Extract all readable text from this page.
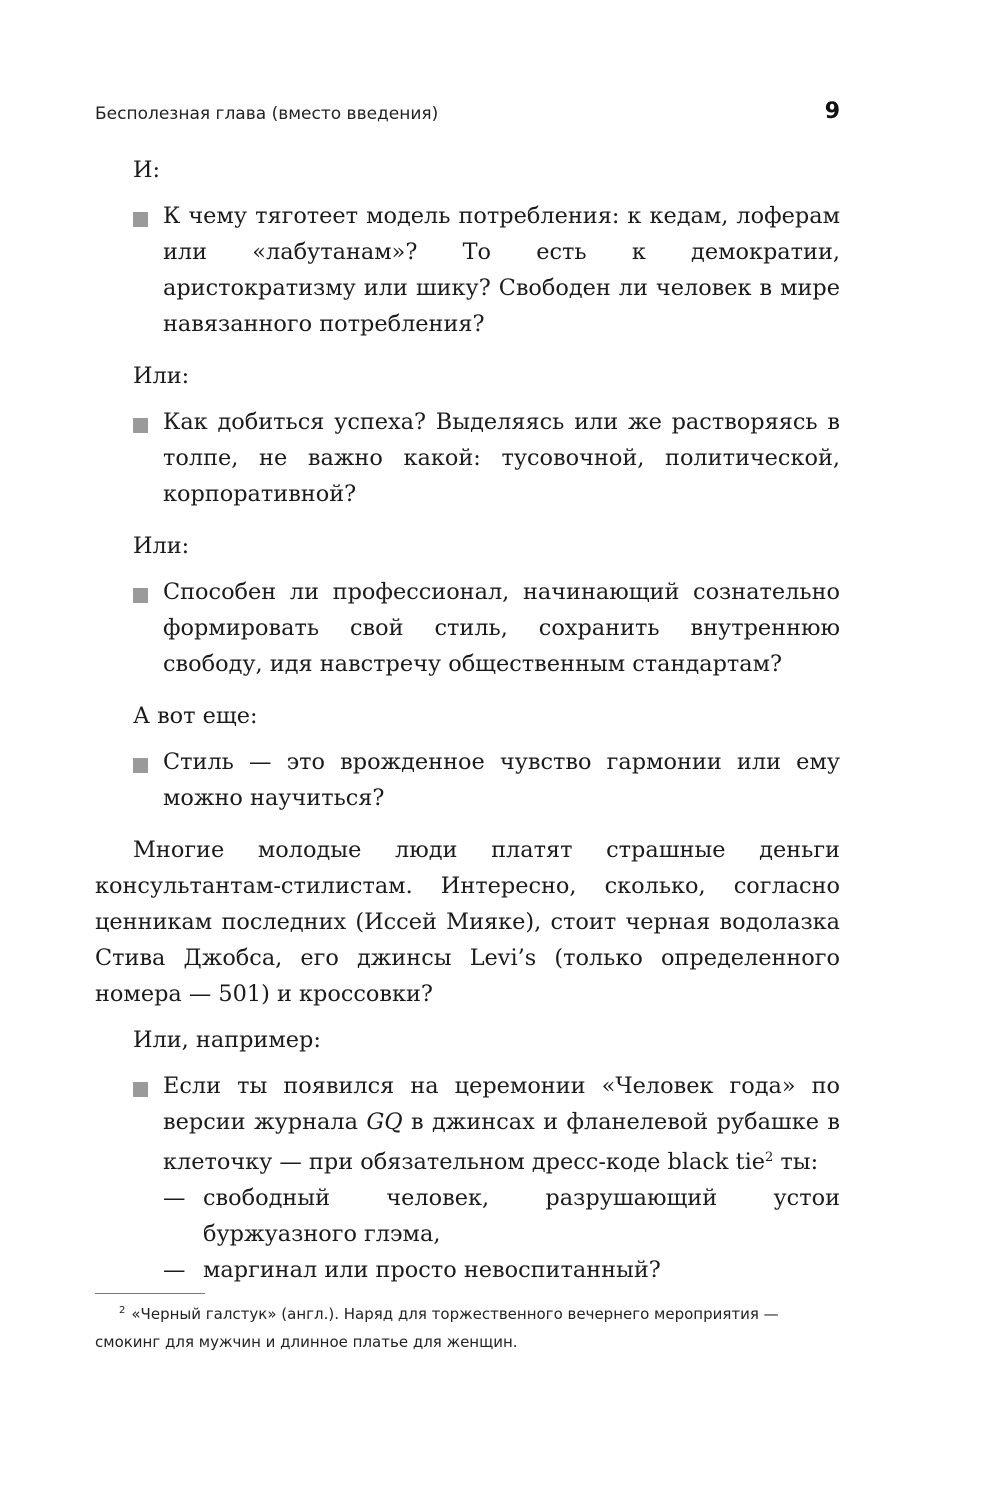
Бесполезная глава (вместо введения)	9

И:

К чему тяготеет модель потребления: к кедам, лоферам или «лабутанам»? То есть к демократии, аристократизму или шику? Свободен ли человек в мире навязанного потребления?

Или:

Как добиться успеха? Выделяясь или же растворяясь в толпе, не важно какой: тусовочной, политической, корпоративной?

Или:

Способен ли профессионал, начинающий сознательно формировать свой стиль, сохранить внутреннюю свободу, идя навстречу общественным стандартам?

А вот еще:

Стиль — это врожденное чувство гармонии или ему можно научиться?

Многие молодые люди платят страшные деньги консультантам-стилистам. Интересно, сколько, согласно ценникам последних (Иссей Мияке), стоит черная водолазка Стива Джобса, его джинсы Levi’s (только определенного номера — 501) и кроссовки?

Или, например:

Если ты появился на церемонии «Человек года» по версии журнала GQ в джинсах и фланелевой рубашке в клеточку — при обязательном дресс-коде black tie$^2$ ты:
— свободный человек, разрушающий устои буржуазного глэма,
— маргинал или просто невоспитанный?

$^2$ «Черный галстук» (англ.). Наряд для торжественного вечернего мероприятия — смокинг для мужчин и длинное платье для женщин.
